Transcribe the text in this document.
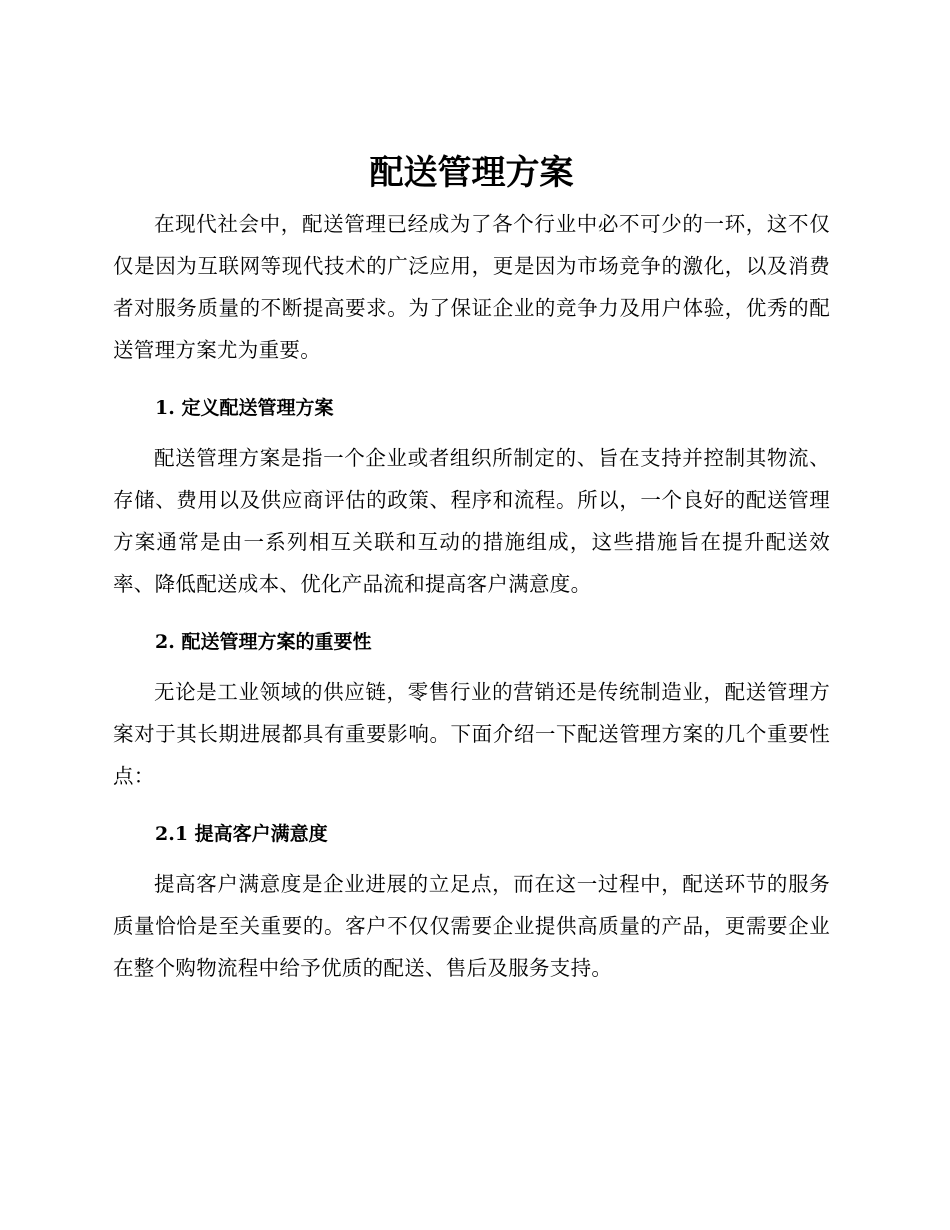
配送管理方案

在现代社会中，配送管理已经成为了各个行业中必不可少的一环，这不仅仅是因为互联网等现代技术的广泛应用，更是因为市场竞争的激化，以及消费者对服务质量的不断提高要求。为了保证企业的竞争力及用户体验，优秀的配送管理方案尤为重要。

1. 定义配送管理方案

配送管理方案是指一个企业或者组织所制定的、旨在支持并控制其物流、存储、费用以及供应商评估的政策、程序和流程。所以，一个良好的配送管理方案通常是由一系列相互关联和互动的措施组成，这些措施旨在提升配送效率、降低配送成本、优化产品流和提高客户满意度。

2. 配送管理方案的重要性

无论是工业领域的供应链，零售行业的营销还是传统制造业，配送管理方案对于其长期进展都具有重要影响。下面介绍一下配送管理方案的几个重要性点：

2.1 提高客户满意度

提高客户满意度是企业进展的立足点，而在这一过程中，配送环节的服务质量恰恰是至关重要的。客户不仅仅需要企业提供高质量的产品，更需要企业在整个购物流程中给予优质的配送、售后及服务支持。
